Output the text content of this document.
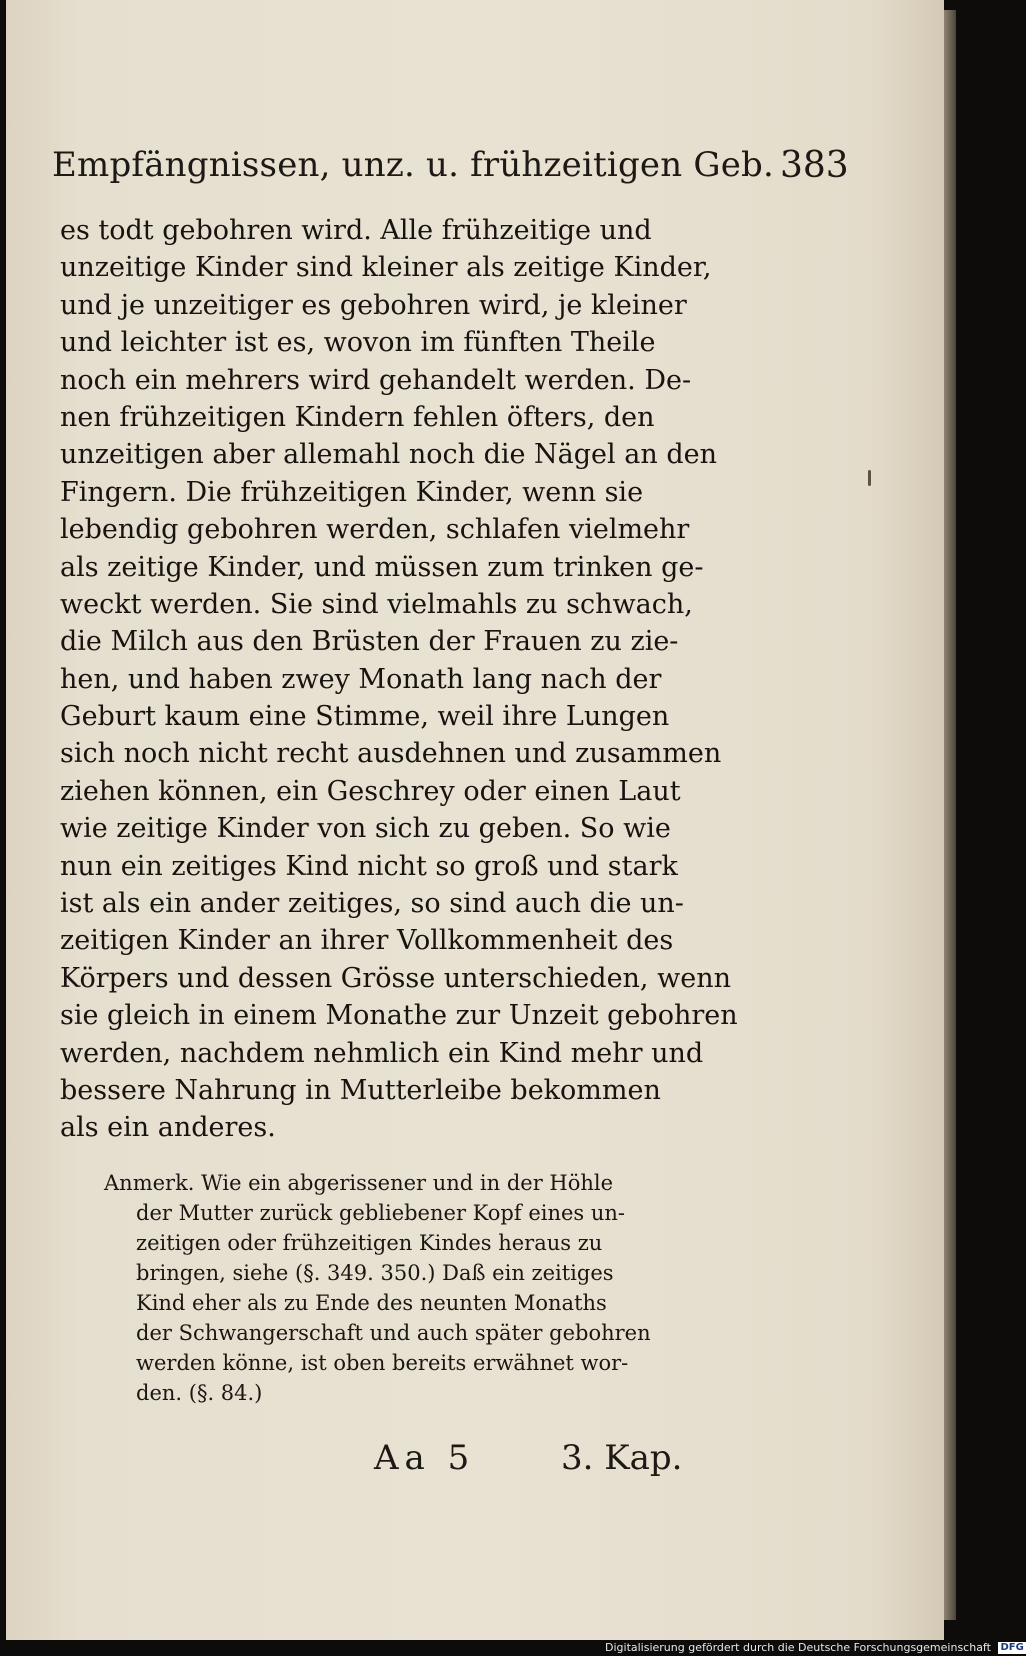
Empfängnissen, unz. u. frühzeitigen Geb. 383
es todt gebohren wird. Alle frühzeitige und
unzeitige Kinder sind kleiner als zeitige Kinder,
und je unzeitiger es gebohren wird, je kleiner
und leichter ist es, wovon im fünften Theile
noch ein mehrers wird gehandelt werden. De-
nen frühzeitigen Kindern fehlen öfters, den
unzeitigen aber allemahl noch die Nägel an den
Fingern. Die frühzeitigen Kinder, wenn sie
lebendig gebohren werden, schlafen vielmehr
als zeitige Kinder, und müssen zum trinken ge-
weckt werden. Sie sind vielmahls zu schwach,
die Milch aus den Brüsten der Frauen zu zie-
hen, und haben zwey Monath lang nach der
Geburt kaum eine Stimme, weil ihre Lungen
sich noch nicht recht ausdehnen und zusammen
ziehen können, ein Geschrey oder einen Laut
wie zeitige Kinder von sich zu geben. So wie
nun ein zeitiges Kind nicht so groß und stark
ist als ein ander zeitiges, so sind auch die un-
zeitigen Kinder an ihrer Vollkommenheit des
Körpers und dessen Grösse unterschieden, wenn
sie gleich in einem Monathe zur Unzeit gebohren
werden, nachdem nehmlich ein Kind mehr und
bessere Nahrung in Mutterleibe bekommen
als ein anderes.
Anmerk. Wie ein abgerissener und in der Höhle
der Mutter zurück gebliebener Kopf eines un-
zeitigen oder frühzeitigen Kindes heraus zu
bringen, siehe (§. 349. 350.) Daß ein zeitiges
Kind eher als zu Ende des neunten Monaths
der Schwangerschaft und auch später gebohren
werden könne, ist oben bereits erwähnet wor-
den. (§. 84.)
Aa 5	3. Kap.
Digitalisierung gefördert durch die Deutsche Forschungsgemeinschaft DFG
